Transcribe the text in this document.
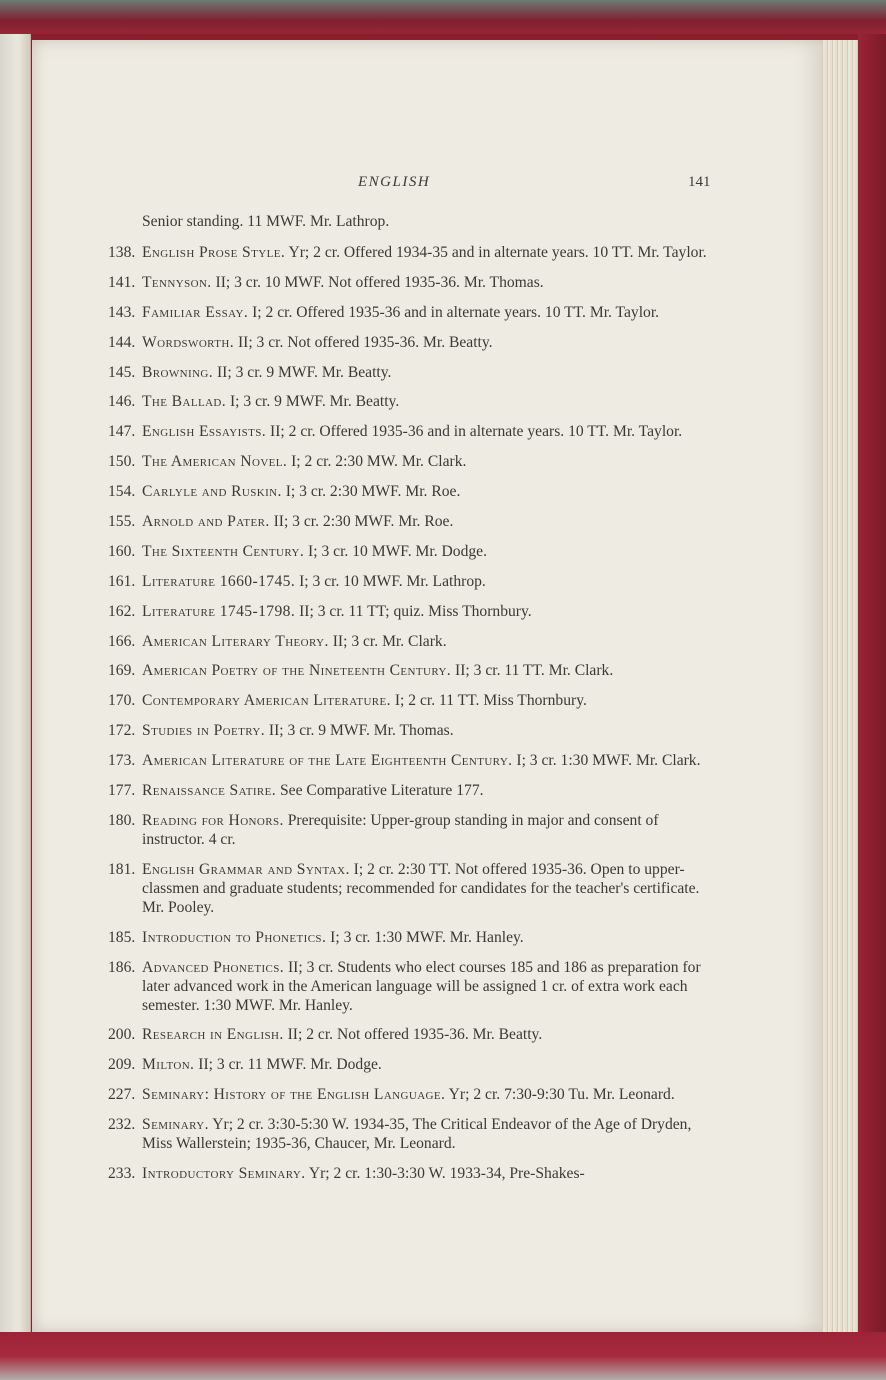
ENGLISH	141
Senior standing. 11 MWF. Mr. Lathrop.
138. English Prose Style. Yr; 2 cr. Offered 1934-35 and in alternate years. 10 TT. Mr. Taylor.
141. Tennyson. II; 3 cr. 10 MWF. Not offered 1935-36. Mr. Thomas.
143. Familiar Essay. I; 2 cr. Offered 1935-36 and in alternate years. 10 TT. Mr. Taylor.
144. Wordsworth. II; 3 cr. Not offered 1935-36. Mr. Beatty.
145. Browning. II; 3 cr. 9 MWF. Mr. Beatty.
146. The Ballad. I; 3 cr. 9 MWF. Mr. Beatty.
147. English Essayists. II; 2 cr. Offered 1935-36 and in alternate years. 10 TT. Mr. Taylor.
150. The American Novel. I; 2 cr. 2:30 MW. Mr. Clark.
154. Carlyle and Ruskin. I; 3 cr. 2:30 MWF. Mr. Roe.
155. Arnold and Pater. II; 3 cr. 2:30 MWF. Mr. Roe.
160. The Sixteenth Century. I; 3 cr. 10 MWF. Mr. Dodge.
161. Literature 1660-1745. I; 3 cr. 10 MWF. Mr. Lathrop.
162. Literature 1745-1798. II; 3 cr. 11 TT; quiz. Miss Thornbury.
166. American Literary Theory. II; 3 cr. Mr. Clark.
169. American Poetry of the Nineteenth Century. II; 3 cr. 11 TT. Mr. Clark.
170. Contemporary American Literature. I; 2 cr. 11 TT. Miss Thornbury.
172. Studies in Poetry. II; 3 cr. 9 MWF. Mr. Thomas.
173. American Literature of the Late Eighteenth Century. I; 3 cr. 1:30 MWF. Mr. Clark.
177. Renaissance Satire. See Comparative Literature 177.
180. Reading for Honors. Prerequisite: Upper-group standing in major and consent of instructor. 4 cr.
181. English Grammar and Syntax. I; 2 cr. 2:30 TT. Not offered 1935-36. Open to upper-classmen and graduate students; recommended for candidates for the teacher's certificate. Mr. Pooley.
185. Introduction to Phonetics. I; 3 cr. 1:30 MWF. Mr. Hanley.
186. Advanced Phonetics. II; 3 cr. Students who elect courses 185 and 186 as preparation for later advanced work in the American language will be assigned 1 cr. of extra work each semester. 1:30 MWF. Mr. Hanley.
200. Research in English. II; 2 cr. Not offered 1935-36. Mr. Beatty.
209. Milton. II; 3 cr. 11 MWF. Mr. Dodge.
227. Seminary: History of the English Language. Yr; 2 cr. 7:30-9:30 Tu. Mr. Leonard.
232. Seminary. Yr; 2 cr. 3:30-5:30 W. 1934-35, The Critical Endeavor of the Age of Dryden, Miss Wallerstein; 1935-36, Chaucer, Mr. Leonard.
233. Introductory Seminary. Yr; 2 cr. 1:30-3:30 W. 1933-34, Pre-Shakes-
